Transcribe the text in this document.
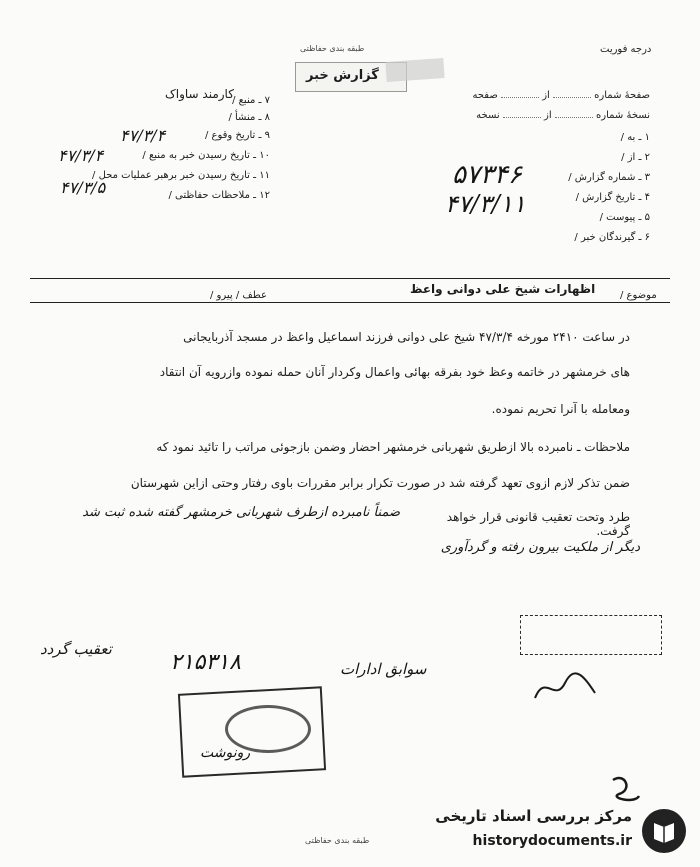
طبقه بندی حفاظتی	درجه فوریت
گزارش خبر
کارمند ساواک
۷ ـ منبع /
۸ ـ منشأ /
۹ ـ تاریخ وقوع /
۴۷/۳/۴
۱۰ ـ تاریخ رسیدن خبر به منبع /
۴۷/۳/۴
۱۱ ـ تاریخ رسیدن خبر برهبر عملیات محل /
۱۲ ـ ملاحظات حفاظتی /
۴۷/۳/۵
صفحهٔ شماره  از  صفحه
نسخهٔ شماره  از  نسخه
۱ ـ به /
۲ ـ از /
۳ ـ شماره گزارش /
۵۷۳۴۶
۴ ـ تاریخ گزارش /
۴۷/۳/۱۱	۵ ـ پیوست /
۶ ـ گیرندگان خبر /
موضوع /
اظهارات شیخ علی دوانی واعظ
عطف / پیرو /
در ساعت ۲۴۱۰ مورخه ۴۷/۳/۴ شیخ علی دوانی فرزند اسماعیل واعظ در مسجد آذربایجانی
های خرمشهر در خاتمه وعظ خود بفرقه بهائی واعمال وکردار آنان حمله نموده وازرویه آن انتقاد
ومعامله با آنرا تحریم نموده.
ملاحظات ـ نامبرده بالا ازطریق شهربانی خرمشهر احضار وضمن بازجوئی مراتب را تائید نمود که
ضمن تذکر لازم ازوی تعهد گرفته شد در صورت تکرار برابر مقررات باوی رفتار وحتی ازاین شهرستان
طرد وتحت تعقیب قانونی قرار خواهد گرفت.
ضمناً نامبرده ازطرف شهربانی خرمشهر گفته شده ثبت شد
دیگر از ملکیت بیرون رفته و گردآوری
۲۱۵۳۱۸
تعقیب گردد
سوابق ادارات
رونوشت
طبقه بندی حفاظتی
مرکز بررسی اسناد تاریخی
historydocuments.ir
